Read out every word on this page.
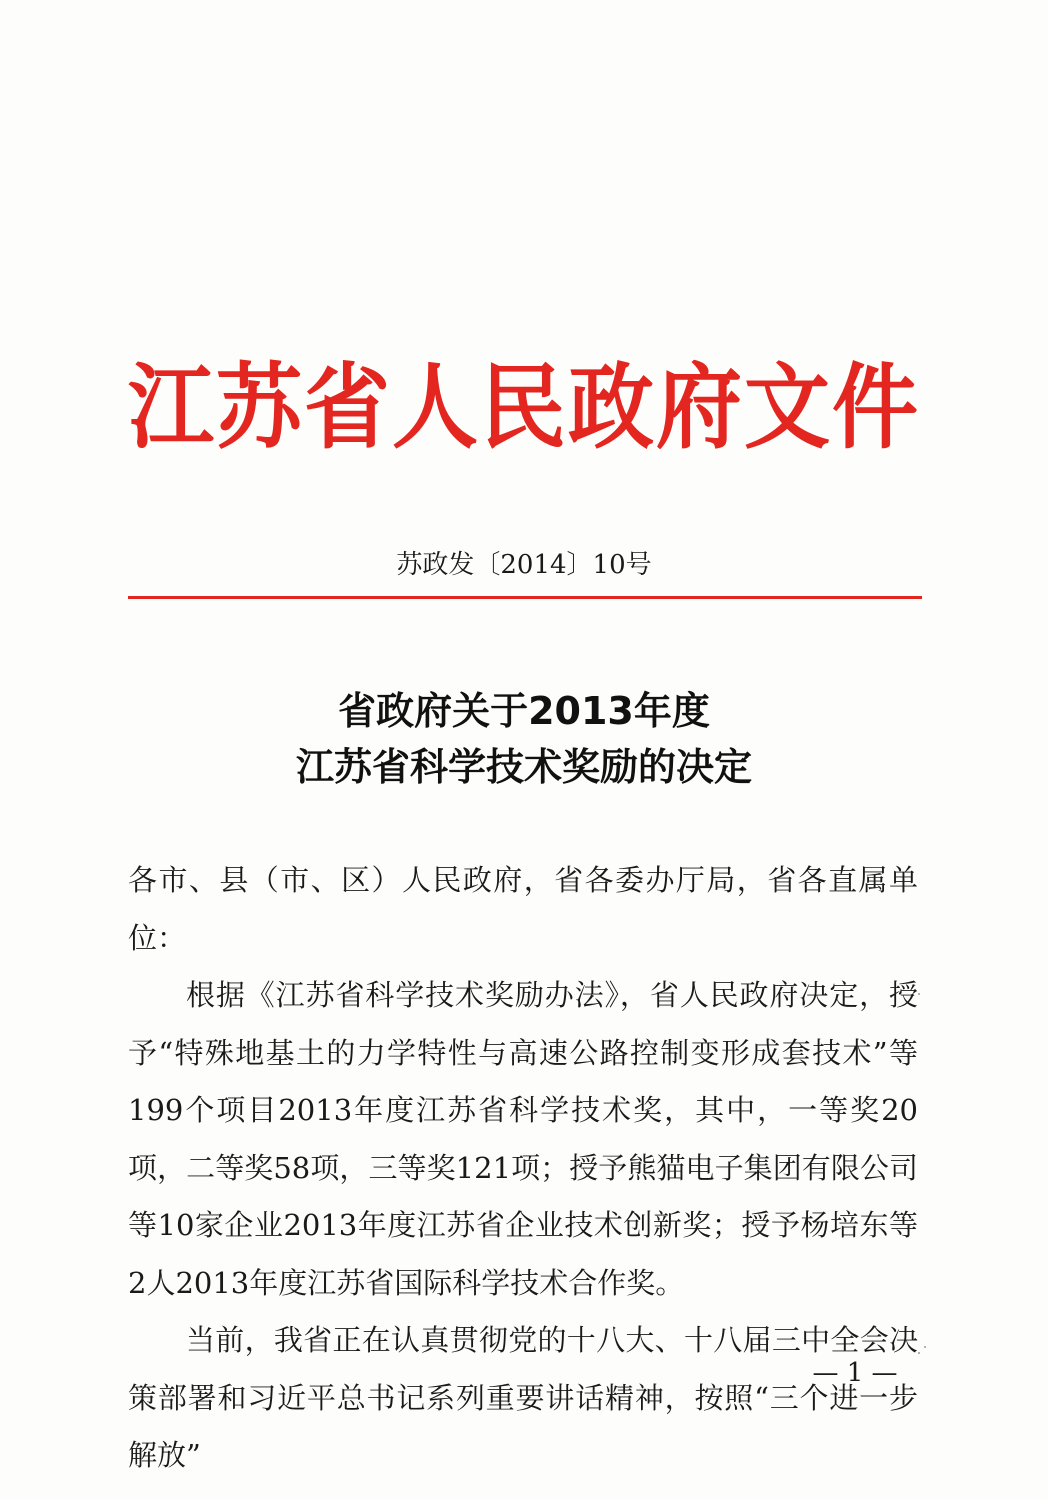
江苏省人民政府文件
苏政发〔2014〕10号
省政府关于2013年度
江苏省科学技术奖励的决定

各市、县（市、区）人民政府，省各委办厅局，省各直属单位：

根据《江苏省科学技术奖励办法》，省人民政府决定，授予“特殊地基土的力学特性与高速公路控制变形成套技术”等199个项目2013年度江苏省科学技术奖，其中，一等奖20项，二等奖58项，三等奖121项；授予熊猫电子集团有限公司等10家企业2013年度江苏省企业技术创新奖；授予杨培东等2人2013年度江苏省国际科学技术合作奖。

当前，我省正在认真贯彻党的十八大、十八届三中全会决策部署和习近平总书记系列重要讲话精神，按照“三个进一步解放”

— 1 —
